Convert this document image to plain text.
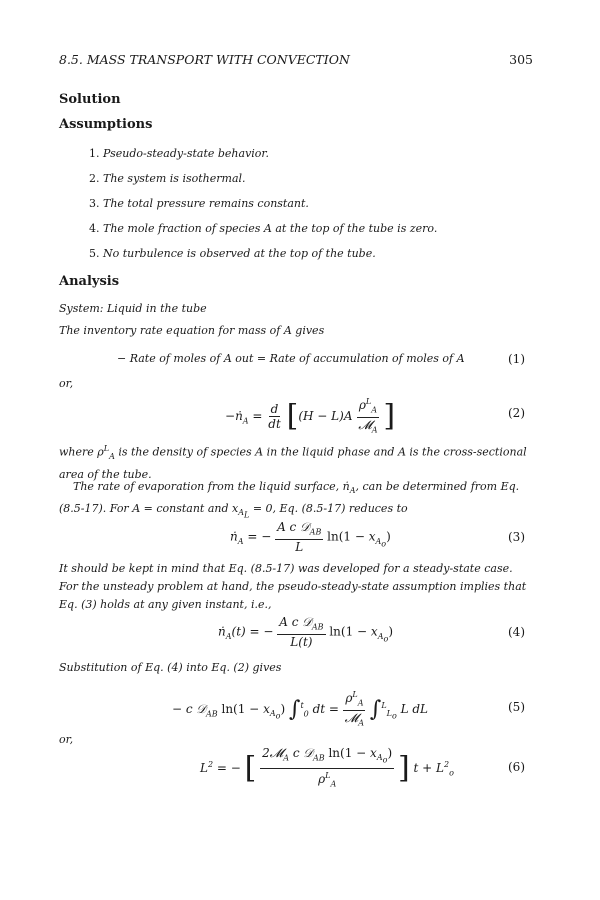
8.5. MASS TRANSPORT WITH CONVECTION	305
Solution
Assumptions
1. Pseudo-steady-state behavior.
2. The system is isothermal.
3. The total pressure remains constant.
4. The mole fraction of species A at the top of the tube is zero.
5. No turbulence is observed at the top of the tube.
Analysis
System: Liquid in the tube
The inventory rate equation for mass of A gives
− Rate of moles of A out = Rate of accumulation of moles of A	(1)
or,
−ṅ$_A$ = $\frac{d}{dt} [(H - L)A \frac{\rho^L_A}{𝓜_A}$ ]	(2)
where $\rho^L_A$ is the density of species A in the liquid phase and A is the cross-sectional
area of the tube.
The rate of evaporation from the liquid surface, ṅ$_A$, can be determined from Eq.
(8.5-17). For A = constant and $x_{A_L} = 0$, Eq. (8.5-17) reduces to
ṅ$_A$ = − $\frac{A c 𝒟_{AB}}{L} \ln(1 - x_{A_o})$	(3)
It should be kept in mind that Eq. (8.5-17) was developed for a steady-state case.
For the unsteady problem at hand, the pseudo-steady-state assumption implies that
Eq. (3) holds at any given instant, i.e.,
ṅ$_A$(t) = − $\frac{A c 𝒟_{AB}}{L(t)} \ln(1 - x_{A_o})$	(4)
Substitution of Eq. (4) into Eq. (2) gives
− c 𝒟$_{AB}$ $\ln(1 - x_{A_o})$ ∫$^t_0$ dt = $\frac{\rho^L_A}{𝓜_A} \int^L_{L_o}$ L dL	(5)
or,
$L^2$ = − [ $\frac{2𝓜_A c 𝒟_{AB} \ln(1 - x_{A_o})}{\rho^L_A}$ ] $t + L^2_o$	(6)
